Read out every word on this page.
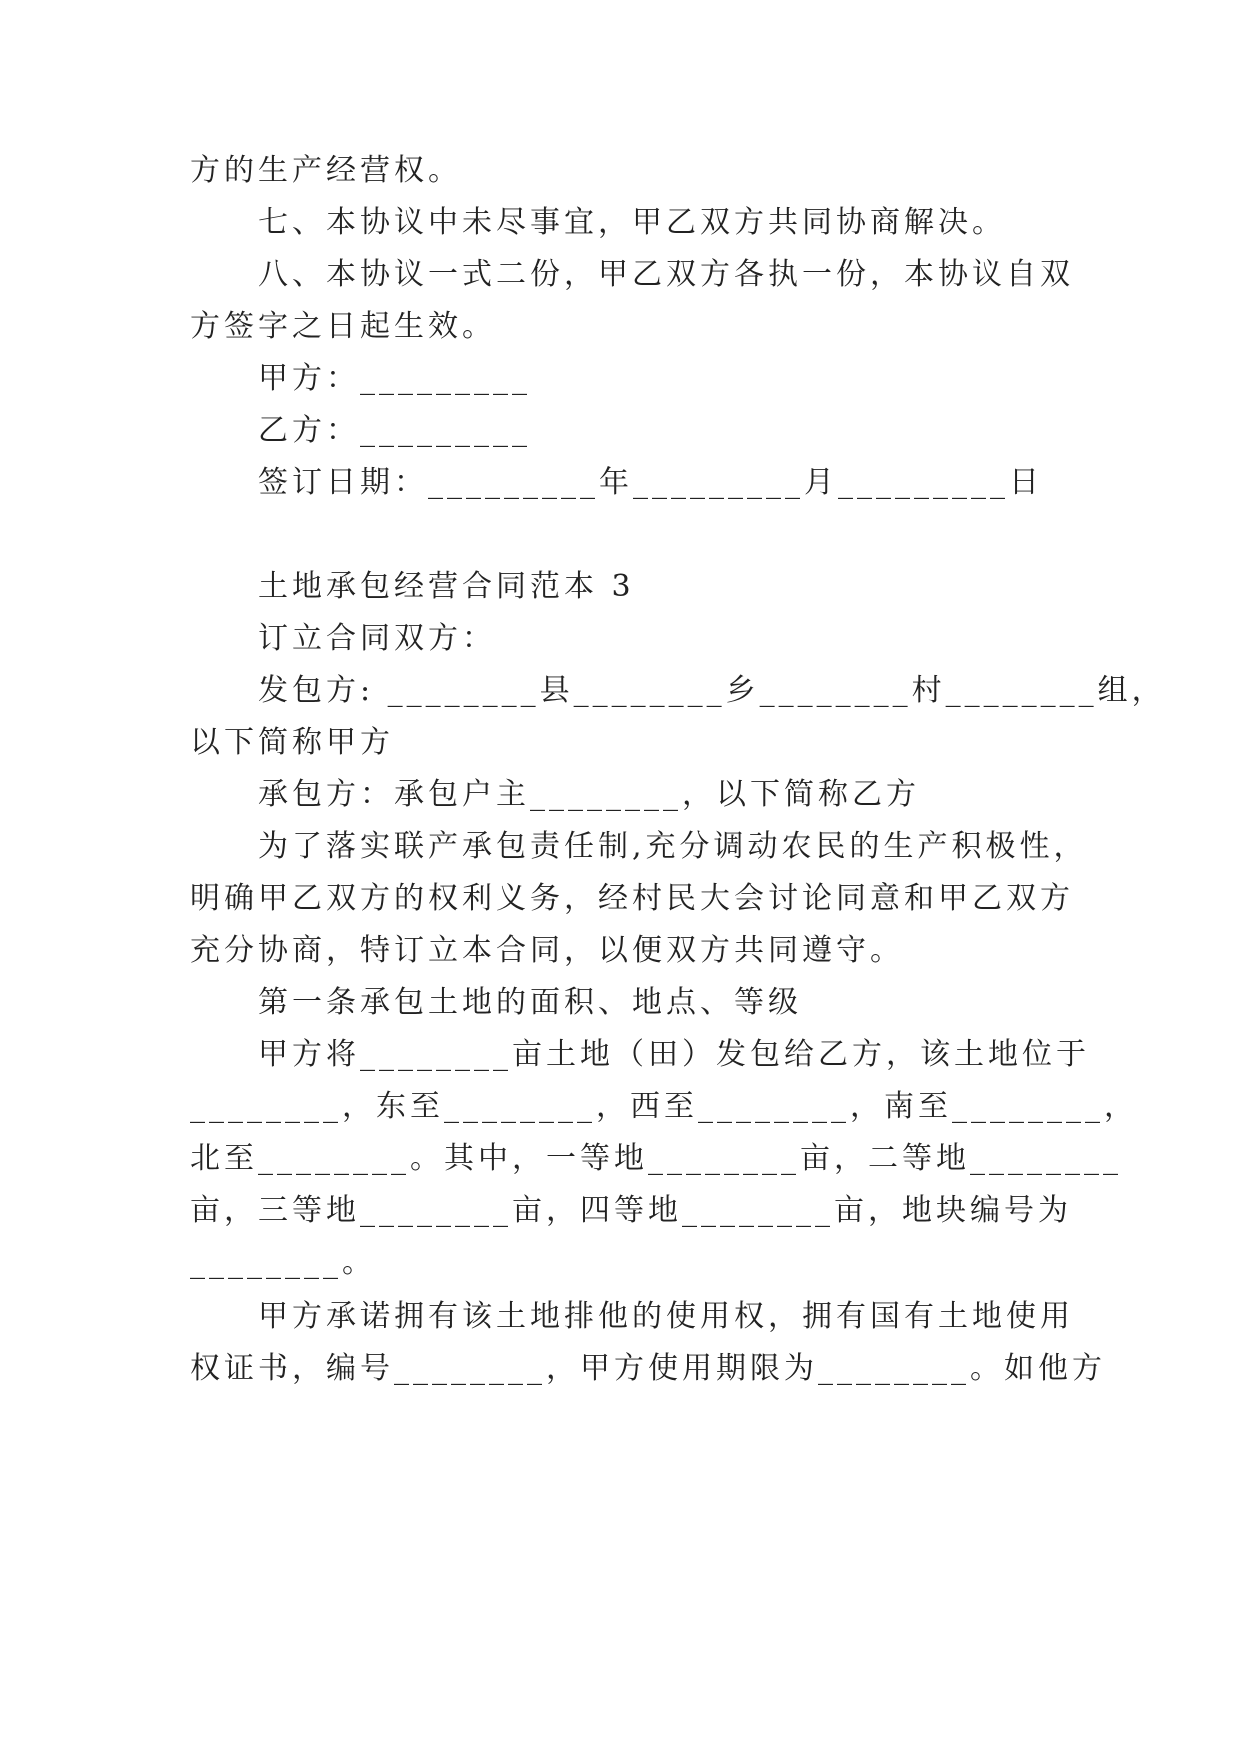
方的生产经营权。
七、本协议中未尽事宜，甲乙双方共同协商解决。
八、本协议一式二份，甲乙双方各执一份，本协议自双
方签字之日起生效。
甲方：_________
乙方：_________
签订日期：_________年_________月_________日
土地承包经营合同范本 3
订立合同双方：
发包方: ________县________乡________村________组，
以下简称甲方
承包方：承包户主________，以下简称乙方
为了落实联产承包责任制,充分调动农民的生产积极性，
明确甲乙双方的权利义务，经村民大会讨论同意和甲乙双方
充分协商，特订立本合同，以便双方共同遵守。
第一条承包土地的面积、地点、等级
甲方将________亩土地（田）发包给乙方，该土地位于
________，东至________，西至________，南至________，
北至________。其中，一等地________亩，二等地________
亩，三等地________亩，四等地________亩，地块编号为
________。
甲方承诺拥有该土地排他的使用权，拥有国有土地使用
权证书，编号________，甲方使用期限为________。如他方
